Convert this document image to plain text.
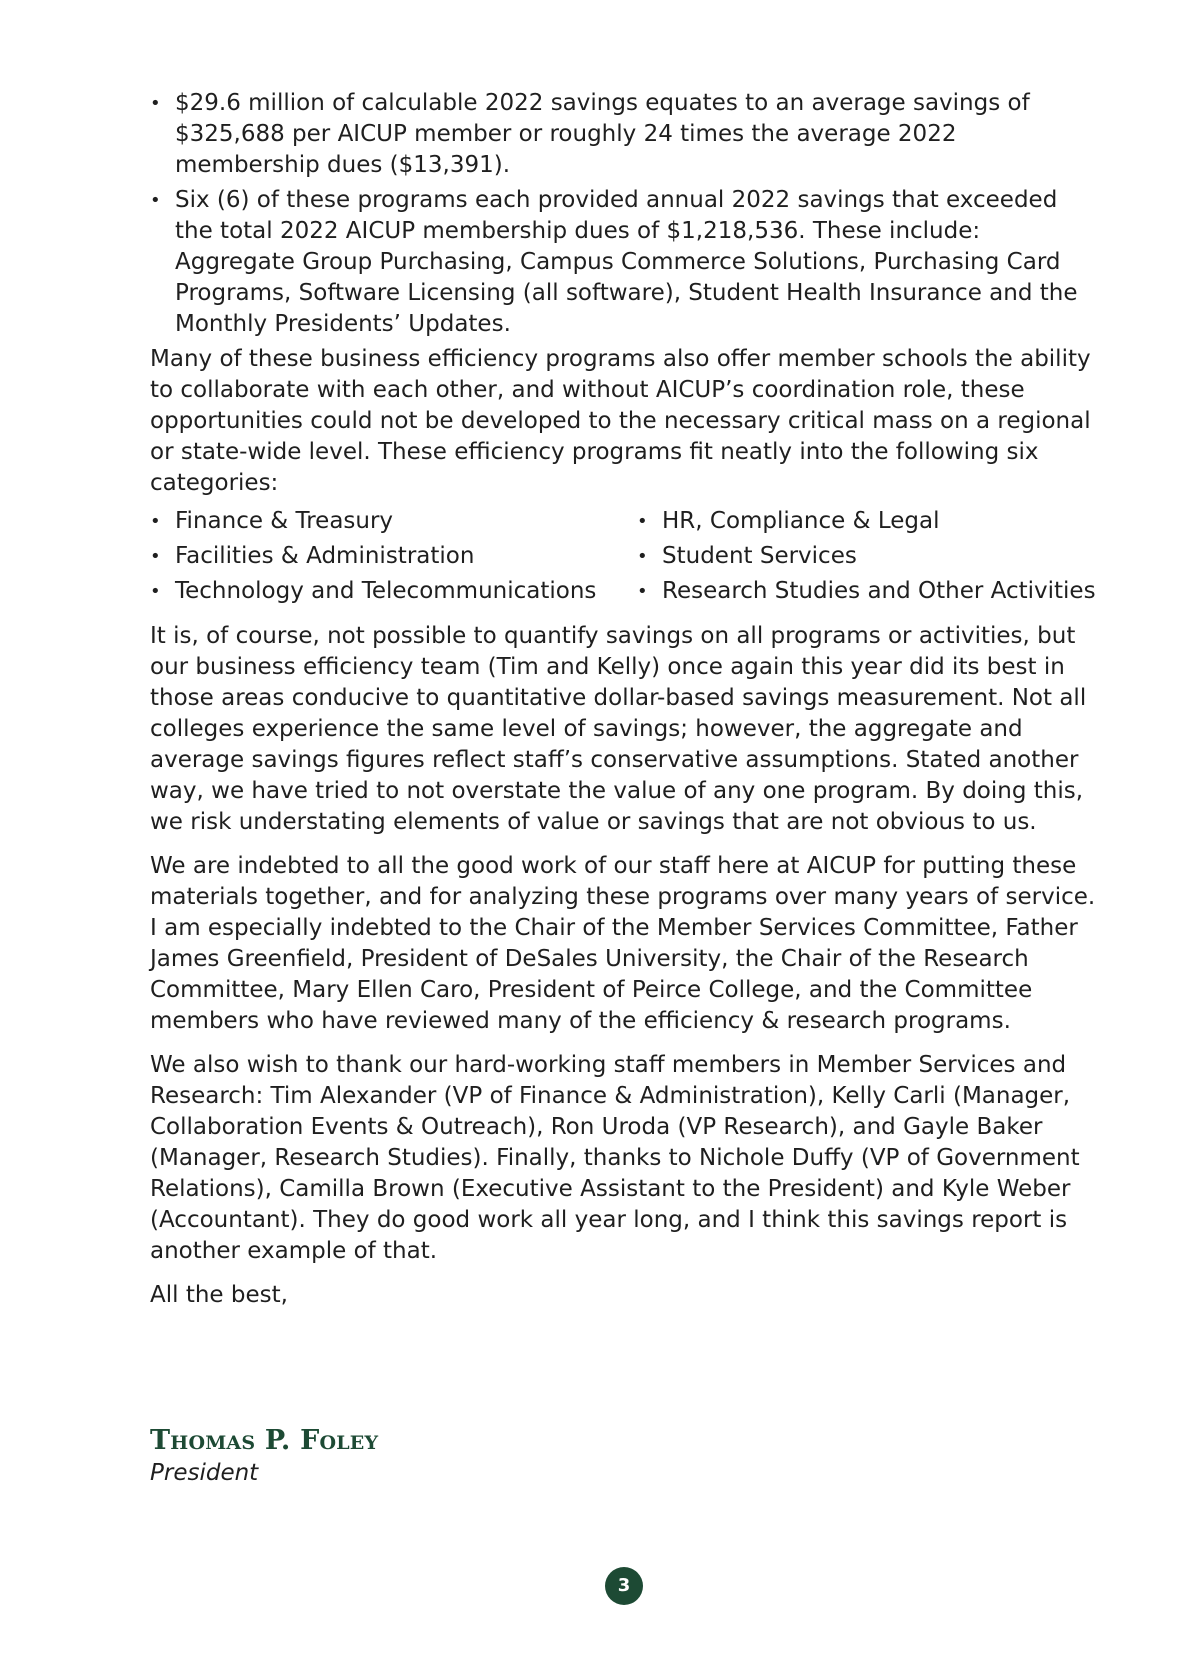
• $29.6 million of calculable 2022 savings equates to an average savings of $325,688 per AICUP member or roughly 24 times the average 2022 membership dues ($13,391).
• Six (6) of these programs each provided annual 2022 savings that exceeded the total 2022 AICUP membership dues of $1,218,536. These include: Aggregate Group Purchasing, Campus Commerce Solutions, Purchasing Card Programs, Software Licensing (all software), Student Health Insurance and the Monthly Presidents’ Updates.

Many of these business efficiency programs also offer member schools the ability to collaborate with each other, and without AICUP’s coordination role, these opportunities could not be developed to the necessary critical mass on a regional or state-wide level. These efficiency programs fit neatly into the following six categories:

• Finance & Treasury
• Facilities & Administration
• Technology and Telecommunications
• HR, Compliance & Legal
• Student Services
• Research Studies and Other Activities

It is, of course, not possible to quantify savings on all programs or activities, but our business efficiency team (Tim and Kelly) once again this year did its best in those areas conducive to quantitative dollar-based savings measurement. Not all colleges experience the same level of savings; however, the aggregate and average savings figures reflect staff’s conservative assumptions. Stated another way, we have tried to not overstate the value of any one program. By doing this, we risk understating elements of value or savings that are not obvious to us.

We are indebted to all the good work of our staff here at AICUP for putting these materials together, and for analyzing these programs over many years of service. I am especially indebted to the Chair of the Member Services Committee, Father James Greenfield, President of DeSales University, the Chair of the Research Committee, Mary Ellen Caro, President of Peirce College, and the Committee members who have reviewed many of the efficiency & research programs.

We also wish to thank our hard-working staff members in Member Services and Research: Tim Alexander (VP of Finance & Administration), Kelly Carli (Manager, Collaboration Events & Outreach), Ron Uroda (VP Research), and Gayle Baker (Manager, Research Studies). Finally, thanks to Nichole Duffy (VP of Government Relations), Camilla Brown (Executive Assistant to the President) and Kyle Weber (Accountant). They do good work all year long, and I think this savings report is another example of that.

All the best,

Thomas P. Foley
President
3
